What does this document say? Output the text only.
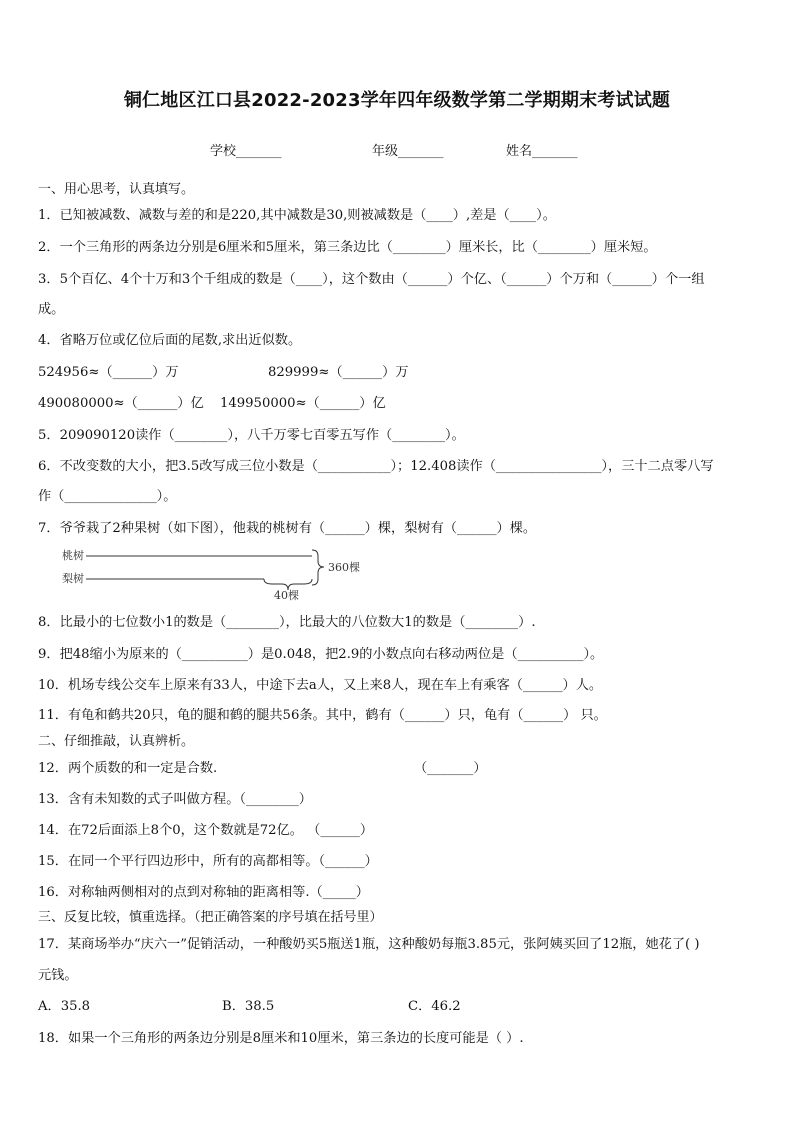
铜仁地区江口县2022-2023学年四年级数学第二学期期末考试试题
学校_______	年级_______	姓名_______
一、用心思考，认真填写。
1．已知被减数、减数与差的和是220,其中减数是30,则被减数是（____）,差是（____）。
2．一个三角形的两条边分别是6厘米和5厘米，第三条边比（________）厘米长，比（________）厘米短。
3．5个百亿、4个十万和3个千组成的数是（____），这个数由（______）个亿、（______）个万和（______）个一组
成。
4．省略万位或亿位后面的尾数,求出近似数。
524956≈（______）万	829999≈（______）万
490080000≈（______）亿 149950000≈（______）亿
5．209090120读作（________），八千万零七百零五写作（________）。
6．不改变数的大小，把3.5改写成三位小数是（___________）；12.408读作（________________），三十二点零八写
作（______________）。
7．爷爷栽了2种果树（如下图），他栽的桃树有（______）棵，梨树有（______）棵。
桃树
梨树
360棵
40棵
8．比最小的七位数小1的数是（________），比最大的八位数大1的数是（________）.
9．把48缩小为原来的（__________）是0.048，把2.9的小数点向右移动两位是（__________）。
10．机场专线公交车上原来有33人，中途下去a人，又上来8人，现在车上有乘客（______）人。
11．有龟和鹤共20只，龟的腿和鹤的腿共56条。其中，鹤有（______）只，龟有（______） 只。
二、仔细推敲，认真辨析。
12．两个质数的和一定是合数.	（_______）
13．含有未知数的式子叫做方程。（________）
14．在72后面添上8个0，这个数就是72亿。 （______）
15．在同一个平行四边形中，所有的高都相等。（______）
16．对称轴两侧相对的点到对称轴的距离相等.（_____）
三、反复比较，慎重选择。（把正确答案的序号填在括号里）
17．某商场举办“庆六一”促销活动，一种酸奶买5瓶送1瓶，这种酸奶每瓶3.85元，张阿姨买回了12瓶，她花了( )
元钱。
A．35.8	B．38.5	C．46.2
18．如果一个三角形的两条边分别是8厘米和10厘米，第三条边的长度可能是（ ）.
